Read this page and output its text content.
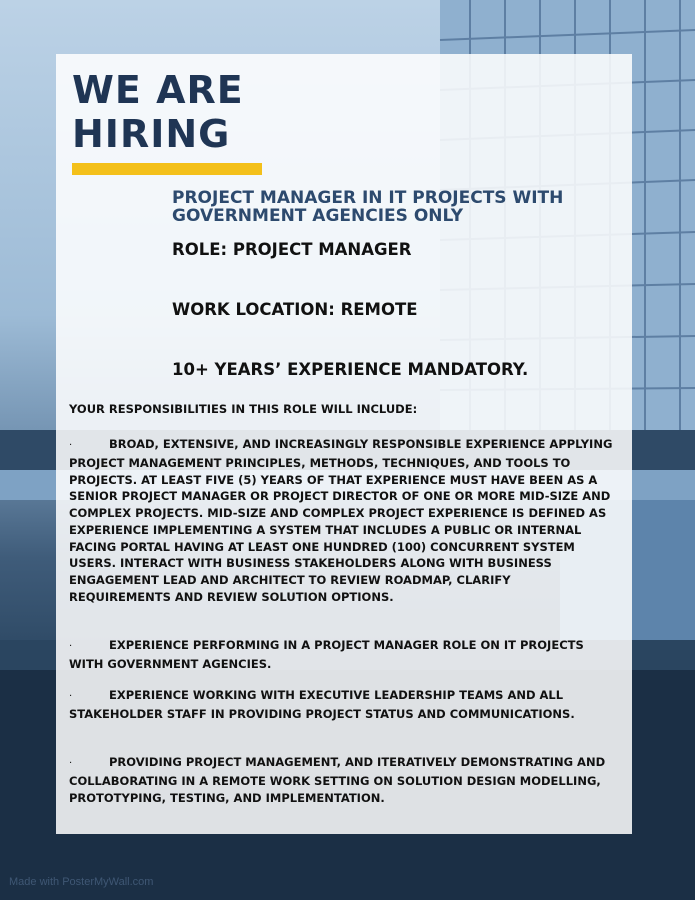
WE ARE
HIRING
PROJECT MANAGER IN IT PROJECTS WITH GOVERNMENT AGENCIES ONLY

ROLE: PROJECT MANAGER

WORK LOCATION: REMOTE

10+ YEARS’ EXPERIENCE MANDATORY.

YOUR RESPONSIBILITIES IN THIS ROLE WILL INCLUDE:

·	BROAD, EXTENSIVE, AND INCREASINGLY RESPONSIBLE EXPERIENCE APPLYING PROJECT MANAGEMENT PRINCIPLES, METHODS, TECHNIQUES, AND TOOLS TO PROJECTS. AT LEAST FIVE (5) YEARS OF THAT EXPERIENCE MUST HAVE BEEN AS A SENIOR PROJECT MANAGER OR PROJECT DIRECTOR OF ONE OR MORE MID-SIZE AND COMPLEX PROJECTS. MID-SIZE AND COMPLEX PROJECT EXPERIENCE IS DEFINED AS EXPERIENCE IMPLEMENTING A SYSTEM THAT INCLUDES A PUBLIC OR INTERNAL FACING PORTAL HAVING AT LEAST ONE HUNDRED (100) CONCURRENT SYSTEM USERS. INTERACT WITH BUSINESS STAKEHOLDERS ALONG WITH BUSINESS ENGAGEMENT LEAD AND ARCHITECT TO REVIEW ROADMAP, CLARIFY REQUIREMENTS AND REVIEW SOLUTION OPTIONS.
·	EXPERIENCE PERFORMING IN A PROJECT MANAGER ROLE ON IT PROJECTS WITH GOVERNMENT AGENCIES.
·	EXPERIENCE WORKING WITH EXECUTIVE LEADERSHIP TEAMS AND ALL STAKEHOLDER STAFF IN PROVIDING PROJECT STATUS AND COMMUNICATIONS.
·	PROVIDING PROJECT MANAGEMENT, AND ITERATIVELY DEMONSTRATING AND COLLABORATING IN A REMOTE WORK SETTING ON SOLUTION DESIGN MODELLING, PROTOTYPING, TESTING, AND IMPLEMENTATION.

Made with PosterMyWall.com
